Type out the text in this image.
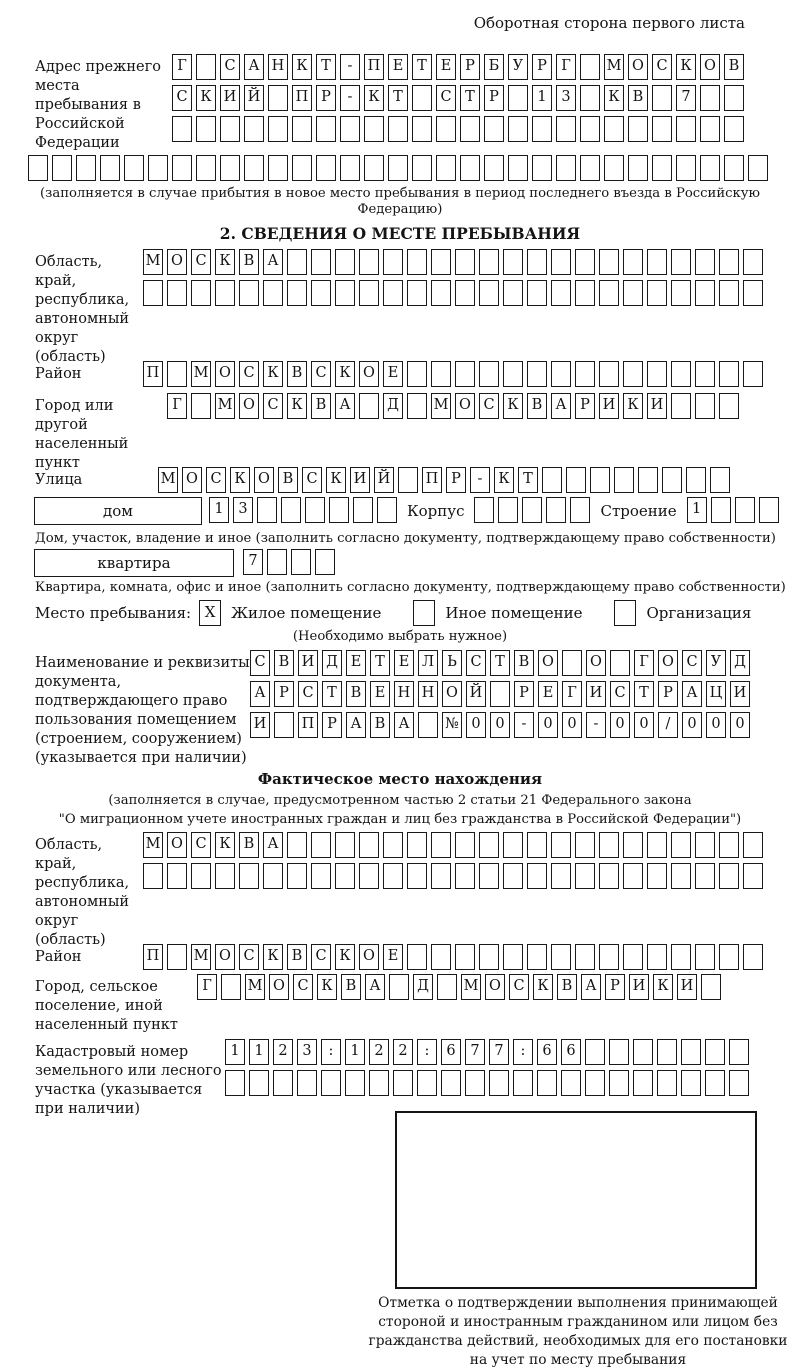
Оборотная сторона первого листа
Адрес прежнего места пребывания в Российской Федерации
Г	С А Н К Т - П Е Т Е Р Б У Р Г М О С К О В
С К И Й П Р - К Т	С Т Р	1 3	К В	7
(заполняется в случае прибытия в новое место пребывания в период последнего въезда в Российскую Федерацию)
2. СВЕДЕНИЯ О МЕСТЕ ПРЕБЫВАНИЯ
Область, край, республика, автономный округ (область)
М О С К В А
Район	П М О С К В С К О Е
Город или другой населенный пункт
Г М О С К В А	Д М О С К В А Р И К И
Улица	М О С К О В С К И Й П Р - К Т
дом	1 3	Корпус	Строение	1
Дом, участок, владение и иное (заполнить согласно документу, подтверждающему право собственности)
квартира	7
Квартира, комната, офис и иное (заполнить согласно документу, подтверждающему право собственности)
Место пребывания: X	Жилое помещение	Иное помещение	Организация
(Необходимо выбрать нужное)
Наименование и реквизиты документа, подтверждающего право пользования помещением (строением, сооружением) (указывается при наличии)
С В И Д Е Т Е Л Ь С Т В О О	Г О С У Д
А Р С Т В Е Н Н О Й	Р Е Г И С Т Р А Ц И
И П Р А В А № 0 0 - 0 0 - 0 0 / 0 0 0
Фактическое место нахождения
(заполняется в случае, предусмотренном частью 2 статьи 21 Федерального закона
"О миграционном учете иностранных граждан и лиц без гражданства в Российской Федерации")
Область, край, республика, автономный округ (область)
М О С К В А
Район	П М О С К В С К О Е
Город, сельское поселение, иной населенный пункт
Г М О С К В А	Д М О С К В А Р И К И
Кадастровый номер земельного или лесного участка (указывается при наличии)
1 1 2 3 : 1 2 2 : 6 7 7 : 6 6
Отметка о подтверждении выполнения принимающей стороной и иностранным гражданином или лицом без гражданства действий, необходимых для его постановки на учет по месту пребывания
